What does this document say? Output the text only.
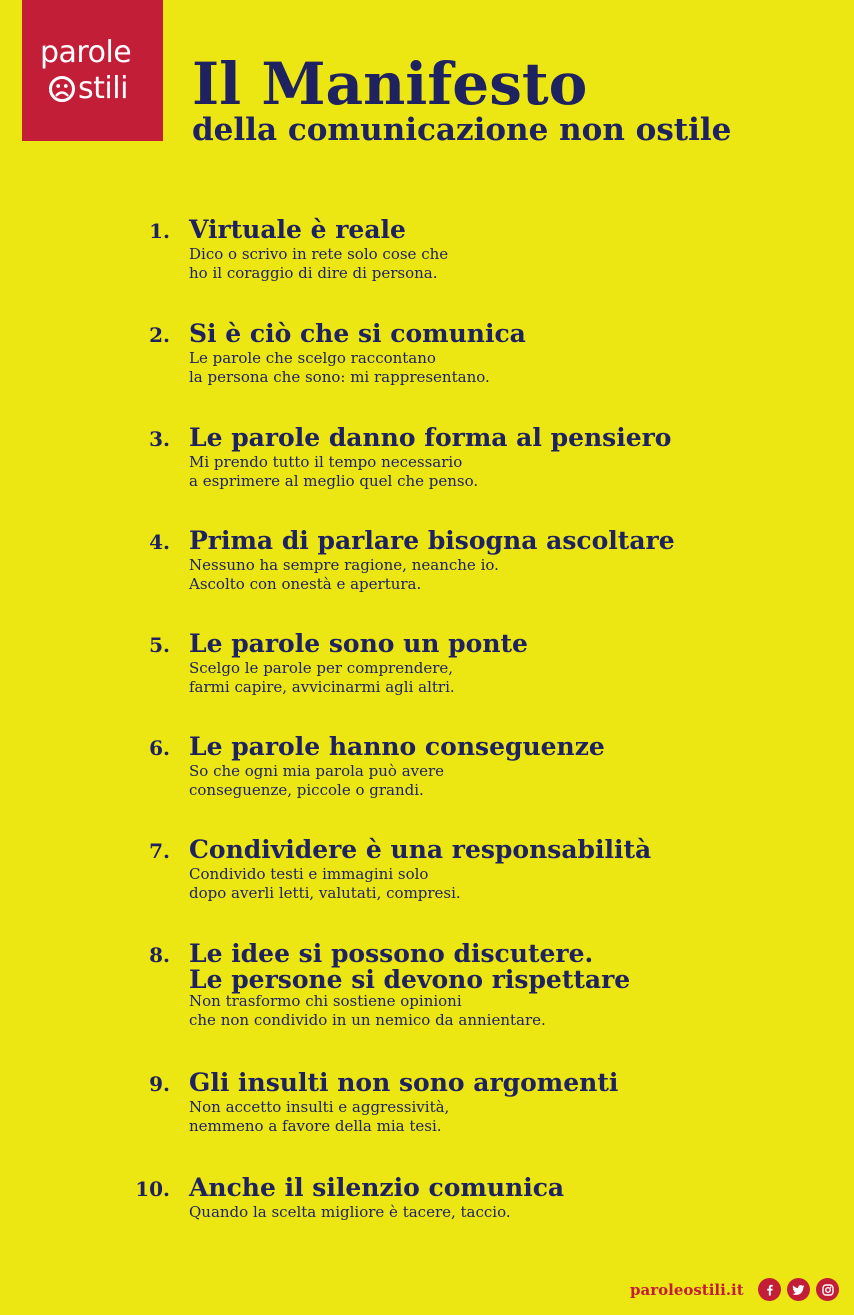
parole
stili Il Manifesto
della comunicazione non ostile
1. Virtuale è reale

Dico o scrivo in rete solo cose che
ho il coraggio di dire di persona.

2. Si è ciò che si comunica

Le parole che scelgo raccontano
la persona che sono: mi rappresentano.

3. Le parole danno forma al pensiero

Mi prendo tutto il tempo necessario
a esprimere al meglio quel che penso.

4. Prima di parlare bisogna ascoltare

Nessuno ha sempre ragione, neanche io.
Ascolto con onestà e apertura.

5. Le parole sono un ponte

Scelgo le parole per comprendere,
farmi capire, avvicinarmi agli altri.

6. Le parole hanno conseguenze

So che ogni mia parola può avere
conseguenze, piccole o grandi.

7. Condividere è una responsabilità

Condivido testi e immagini solo
dopo averli letti, valutati, compresi.

8. Le idee si possono discutere.
Le persone si devono rispettare

Non trasformo chi sostiene opinioni
che non condivido in un nemico da annientare.

9. Gli insulti non sono argomenti

Non accetto insulti e aggressività,
nemmeno a favore della mia tesi.

10. Anche il silenzio comunica

Quando la scelta migliore è tacere, taccio.

paroleostili.it
